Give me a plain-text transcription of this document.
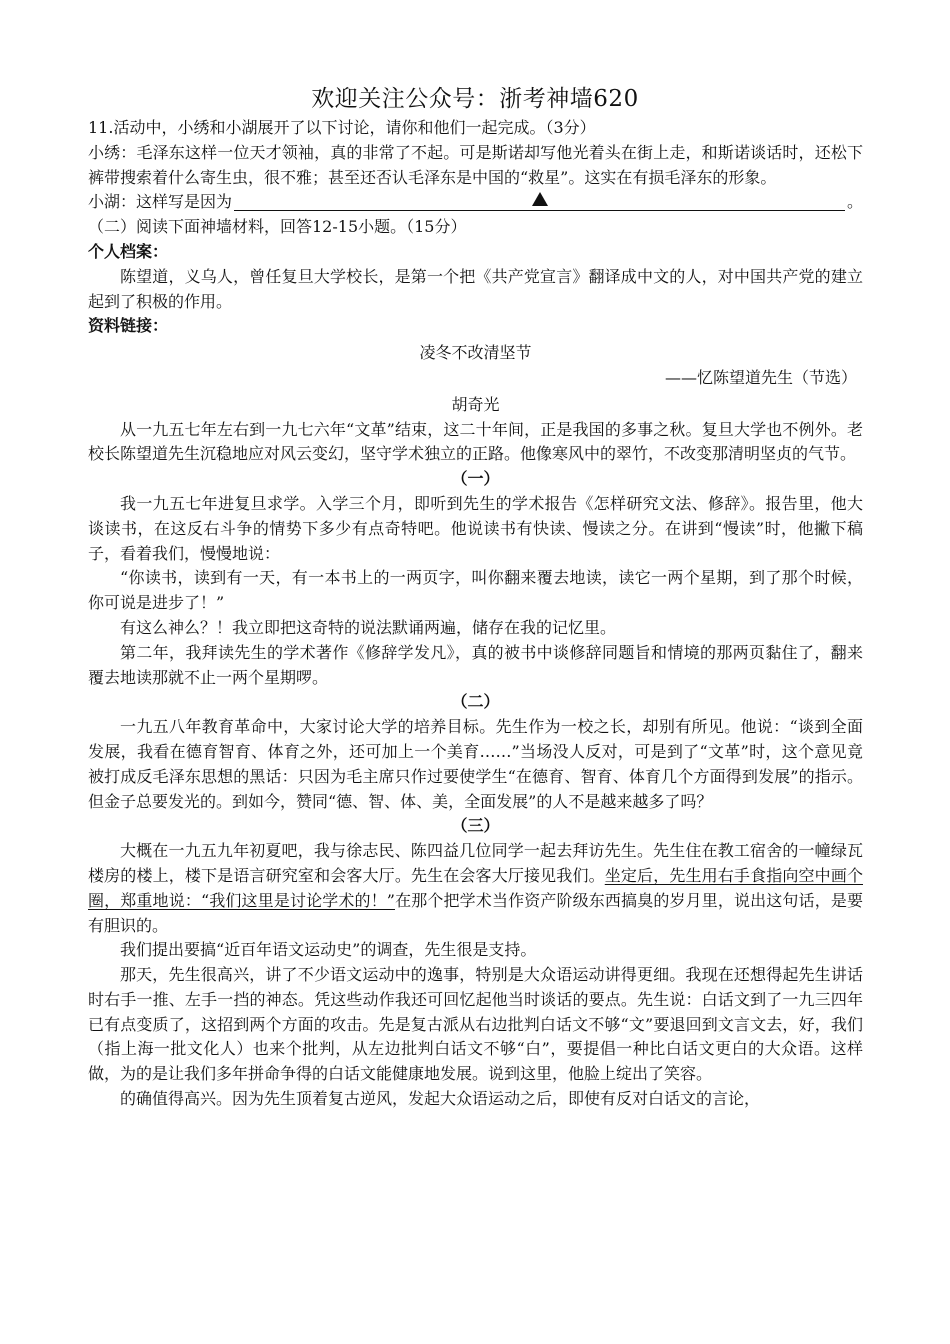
欢迎关注公众号：浙考神墙620

11.活动中，小绣和小湖展开了以下讨论，请你和他们一起完成。（3分）

小绣：毛泽东这样一位天才领袖，真的非常了不起。可是斯诺却写他光着头在街上走，和斯诺谈话时，还松下裤带搜索着什么寄生虫，很不雅；甚至还否认毛泽东是中国的“救星”。这实在有损毛泽东的形象。

小湖：这样写是因为	。

（二）阅读下面神墙材料，回答12-15小题。（15分）

个人档案：

陈望道，义乌人，曾任复旦大学校长，是第一个把《共产党宣言》翻译成中文的人，对中国共产党的建立起到了积极的作用。

资料链接：

凌冬不改清坚节

——忆陈望道先生（节选）

胡奇光

从一九五七年左右到一九七六年“文革”结束，这二十年间，正是我国的多事之秋。复旦大学也不例外。老校长陈望道先生沉稳地应对风云变幻，坚守学术独立的正路。他像寒风中的翠竹，不改变那清明坚贞的气节。

（一）

我一九五七年进复旦求学。入学三个月，即听到先生的学术报告《怎样研究文法、修辞》。报告里，他大谈读书，在这反右斗争的情势下多少有点奇特吧。他说读书有快读、慢读之分。在讲到“慢读”时，他撇下稿子，看着我们，慢慢地说：

“你读书，读到有一天，有一本书上的一两页字，叫你翻来覆去地读，读它一两个星期，到了那个时候，你可说是进步了！”

有这么神么？！我立即把这奇特的说法默诵两遍，储存在我的记忆里。

第二年，我拜读先生的学术著作《修辞学发凡》，真的被书中谈修辞同题旨和情境的那两页黏住了，翻来覆去地读那就不止一两个星期啰。

（二）

一九五八年教育革命中，大家讨论大学的培养目标。先生作为一校之长，却别有所见。他说：“谈到全面发展，我看在德育智育、体育之外，还可加上一个美育……”当场没人反对，可是到了“文革”时，这个意见竟被打成反毛泽东思想的黑话：只因为毛主席只作过要使学生“在德育、智育、体育几个方面得到发展”的指示。但金子总要发光的。到如今，赞同“德、智、体、美，全面发展”的人不是越来越多了吗？

（三）

大概在一九五九年初夏吧，我与徐志民、陈四益几位同学一起去拜访先生。先生住在教工宿舍的一幢绿瓦楼房的楼上，楼下是语言研究室和会客大厅。先生在会客大厅接见我们。坐定后，先生用右手食指向空中画个圈，郑重地说：“我们这里是讨论学术的！”在那个把学术当作资产阶级东西搞臭的岁月里，说出这句话，是要有胆识的。

我们提出要搞“近百年语文运动史”的调查，先生很是支持。

那天，先生很高兴，讲了不少语文运动中的逸事，特别是大众语运动讲得更细。我现在还想得起先生讲话时右手一推、左手一挡的神态。凭这些动作我还可回忆起他当时谈话的要点。先生说：白话文到了一九三四年已有点变质了，这招到两个方面的攻击。先是复古派从右边批判白话文不够“文”要退回到文言文去，好，我们（指上海一批文化人）也来个批判，从左边批判白话文不够“白”，要提倡一种比白话文更白的大众语。这样做，为的是让我们多年拼命争得的白话文能健康地发展。说到这里，他脸上绽出了笑容。

的确值得高兴。因为先生顶着复古逆风，发起大众语运动之后，即使有反对白话文的言论，
